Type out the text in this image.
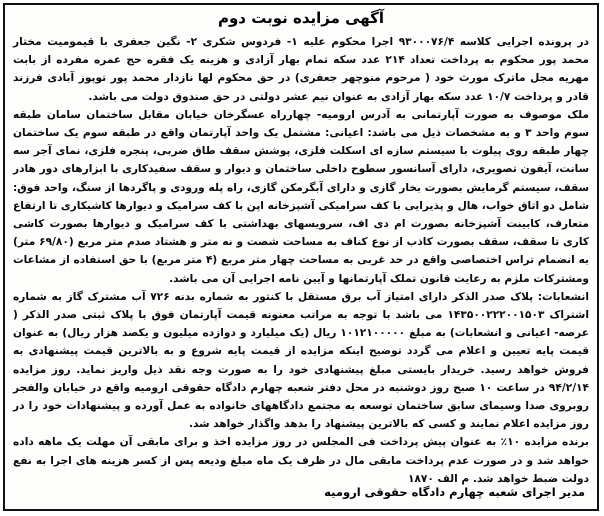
آگهی مزایده نوبت دوم

در پرونده اجرایی کلاسه ۹۳۰۰۰۷۶/۴ اجرا محکوم علیه ۱- فردوس شکری ۲- نگین جعفری با قیمومیت مختار محمد پور محکوم به پرداخت تعداد ۲۱۴ عدد سکه تمام بهار آزادی و هزینه یک فقره حج عمره مفرده از بابت مهریه مجل ماترک مورث خود ( مرحوم منوچهر جعفری) در حق محکوم لها نازدار محمد پور توپوز آبادی فرزند قادر و پرداخت ۱۰/۷ عدد سکه بهار آزادی به عنوان نیم عشر دولتی در حق صندوق دولت می باشد.

ملک موصوف به صورت آپارتمانی به آدرس ارومیه- چهارراه عسگرخان خیابان مقابل ساختمان سامان طبقه سوم واحد ۳ و به مشخصات ذیل می باشد: اعیانی: مشتمل یک واحد آپارتمان واقع در طبقه سوم یک ساختمان چهار طبقه روی پیلوت با سیستم سازه ای اسکلت فلزی، پوشش سقف طاق ضربی، پنجره فلزی، نمای آجر سه سانت، آیفون تصویری، دارای آسانسور سطوح داخلی ساختمان و دیوار و سقف سفیدکاری با ابزارهای دور هادر سقف، سیستم گرمایش بصورت بخار گازی و دارای آبگرمکن گازی، راه پله ورودی و پاگردها از سنگ، واحد فوق: شامل دو اتاق خواب، هال و پذیرایی با کف سرامیکی آشپزخانه اپن با کف سرامیک و دیوارها کاشیکاری تا ارتفاع متعارف، کابینت آشپزخانه بصورت ام دی اف، سرویسهای بهداشتی با کف سرامیک و دیوارها بصورت کاشی کاری تا سقف، سقف بصورت کاذب از نوع کناف به مساحت شصت و نه متر و هشتاد صدم متر مربع (۶۹/۸۰ متر) به انضمام تراس اختصاصی واقع در حد غربی به مساحت چهار متر مربع (۴ متر مربع) با حق استفاده از مشاعات ومشترکات ملزم به رعایت قانون تملک آپارتمانها و آیین نامه اجرایی آن می باشد.

انشعابات: پلاک صدر الذکر دارای امتیاز آب برق مستقل با کنتور به شماره بدنه ۷۲۶ آب مشترک گاز به شماره اشتراک ۱۴۳۵۰۰۲۲۲۰۰۱۵۰۳ می باشد با توجه به مراتب معنونه قیمت آپارتمان فوق با پلاک ثبتی صدر الذکر ( عرصه- اعیانی و انشعابات) به مبلغ ۱۰۱۲۱۰۰۰۰۰ ریال (یک میلیارد و دوازده میلیون و یکصد هزار ریال) به عنوان قیمت پایه تعیین و اعلام می گردد توضیح اینکه مزایده از قیمت پایه شروع و به بالاترین قیمت پیشنهادی به فروش خواهد رسید. خریدار بایستی مبلغ پیشنهادی خود را به صورت وجه نقد ذیل واریز نماید. روز مزایده ۹۴/۲/۱۴ در ساعت ۱۰ صبح روز دوشنبه در محل دفتر شعبه چهارم دادگاه حقوقی ارومیه واقع در خیابان والفجر روبروی صدا وسیمای سابق ساختمان توسعه به مجتمع دادگاههای خانواده به عمل آورده و پیشنهادات خود را در روز مزایده اعلام نمایند و کسی که بالاترین پیشنهاد را بدهد واگذار خواهد شد.

برنده مزایده ۱۰٪ به عنوان پیش پرداخت فی المجلس در روز مزایده اخذ و برای مابقی آن مهلت یک ماهه داده خواهد شد و در صورت عدم پرداخت مابقی مال در ظرف یک ماه مبلغ ودیعه پس از کسر هزینه های اجرا به نفع دولت ضبط خواهد شد. م الف ۱۸۷۰

مدیر اجرای شعبه چهارم دادگاه حقوقی ارومیه
